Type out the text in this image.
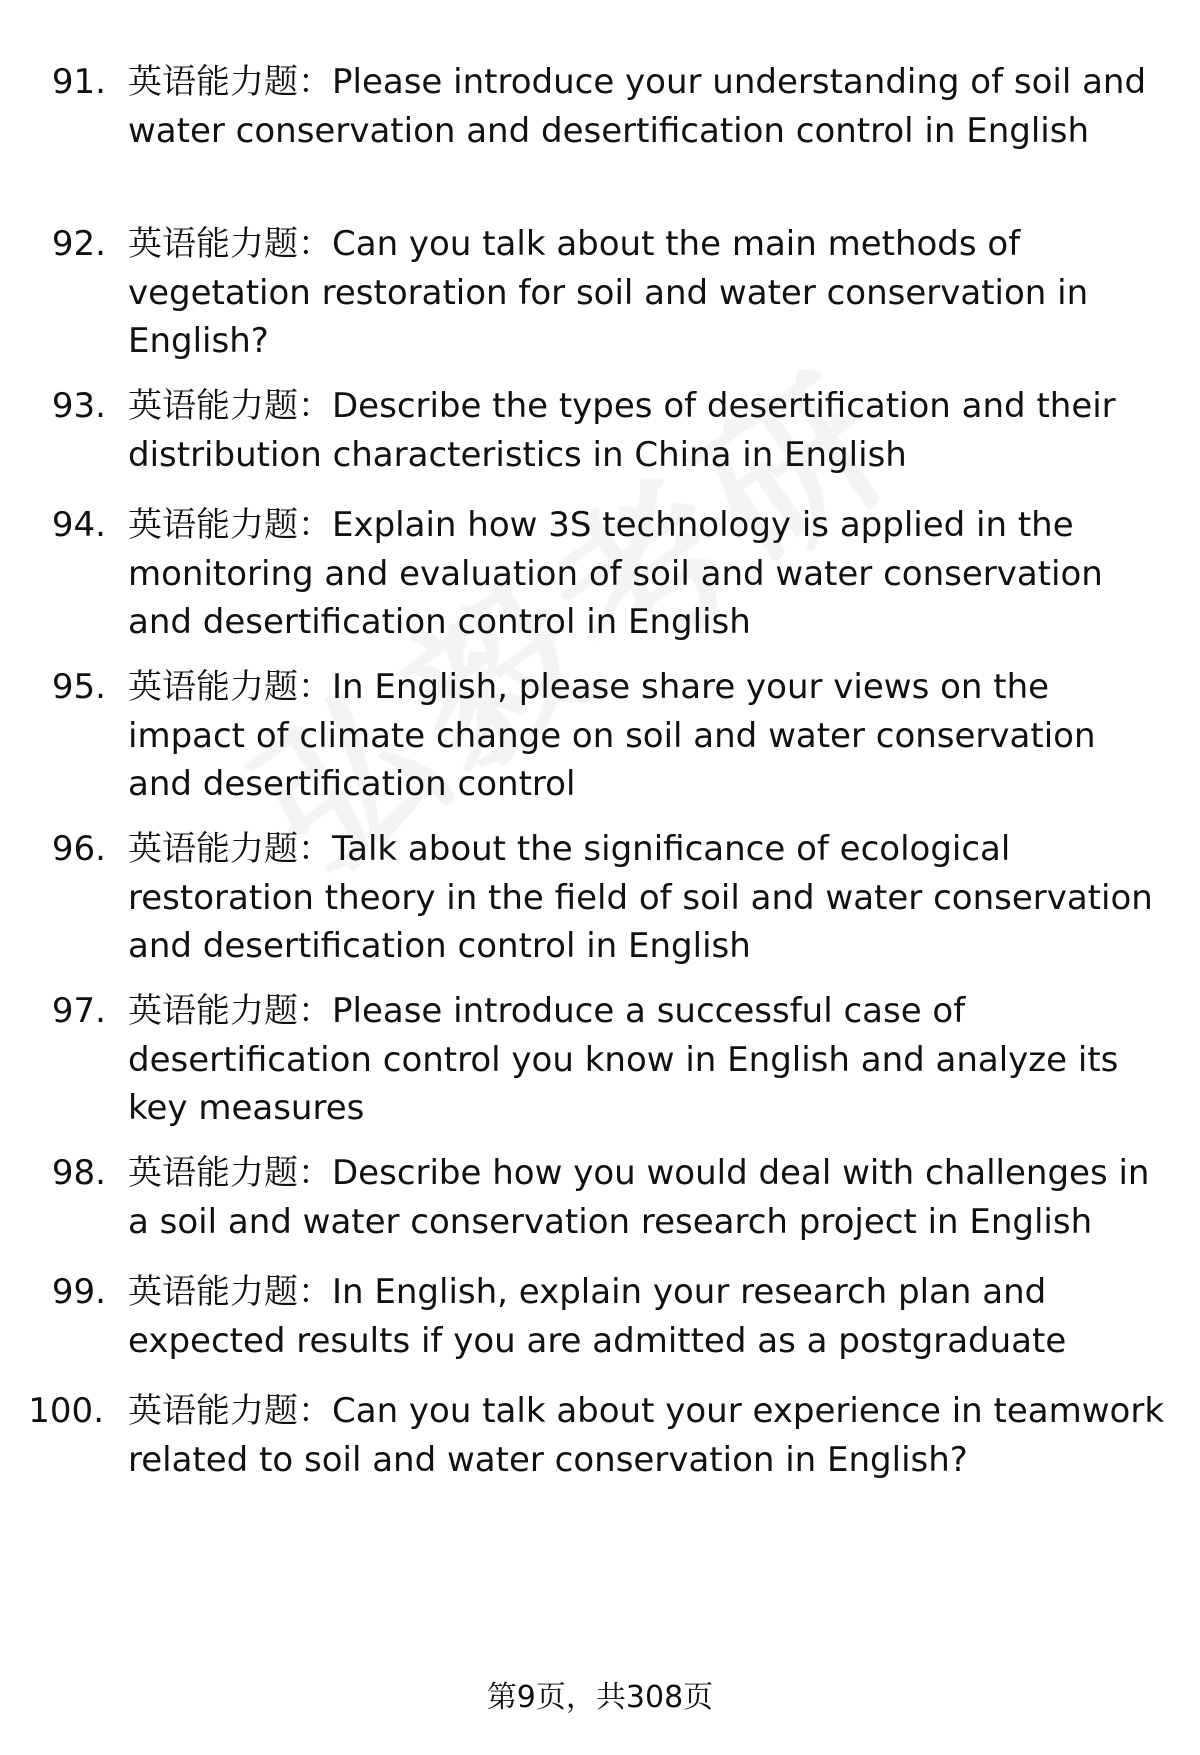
91. 英语能力题：Please introduce your understanding of soil and water conservation and desertification control in English

92. 英语能力题：Can you talk about the main methods of vegetation restoration for soil and water conservation in English?

93. 英语能力题：Describe the types of desertification and their distribution characteristics in China in English

94. 英语能力题：Explain how 3S technology is applied in the monitoring and evaluation of soil and water conservation and desertification control in English

95. 英语能力题：In English, please share your views on the impact of climate change on soil and water conservation and desertification control

96. 英语能力题：Talk about the significance of ecological restoration theory in the field of soil and water conservation and desertification control in English

97. 英语能力题：Please introduce a successful case of desertification control you know in English and analyze its key measures

98. 英语能力题：Describe how you would deal with challenges in a soil and water conservation research project in English

99. 英语能力题：In English, explain your research plan and expected results if you are admitted as a postgraduate

100. 英语能力题：Can you talk about your experience in teamwork related to soil and water conservation in English?

第9页，共308页
